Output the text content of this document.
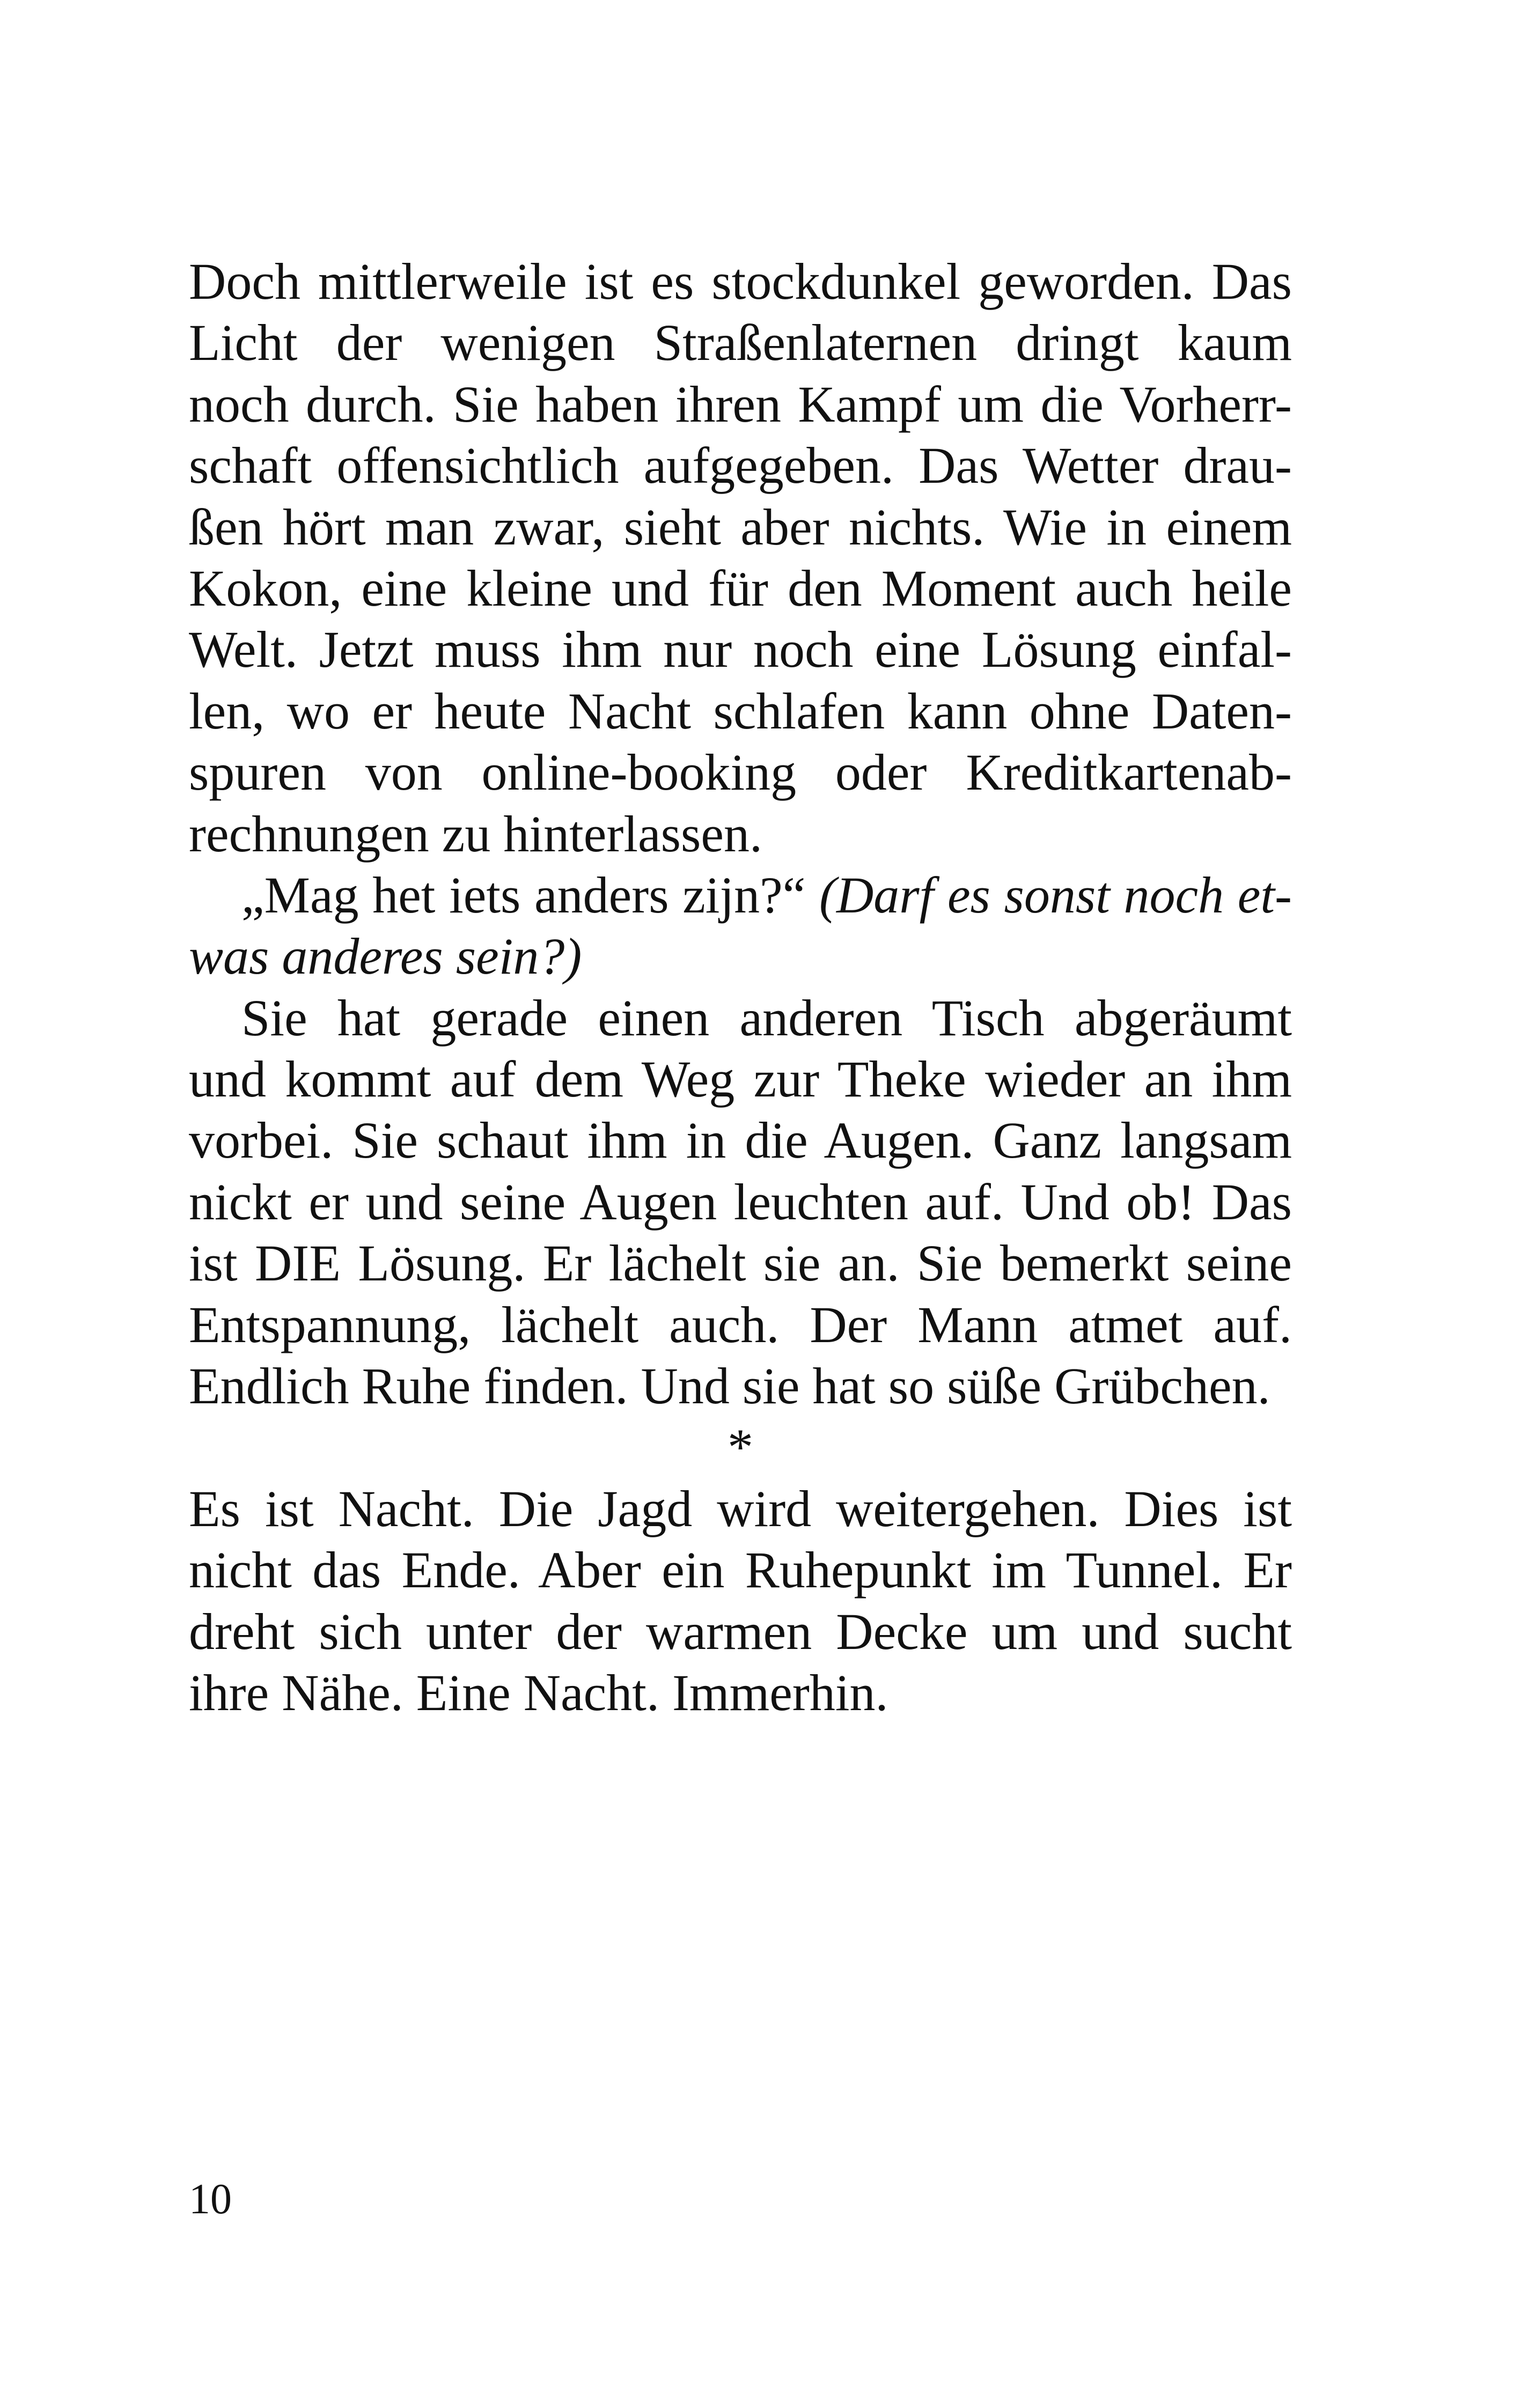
Doch mittlerweile ist es stockdunkel geworden. Das
Licht der wenigen Straßenlaternen dringt kaum
noch durch. Sie haben ihren Kampf um die Vorherr-
schaft offensichtlich aufgegeben. Das Wetter drau-
ßen hört man zwar, sieht aber nichts. Wie in einem
Kokon, eine kleine und für den Moment auch heile
Welt. Jetzt muss ihm nur noch eine Lösung einfal-
len, wo er heute Nacht schlafen kann ohne Daten-
spuren von online-booking oder Kreditkartenab-
rechnungen zu hinterlassen.
„Mag het iets anders zijn?“ (Darf es sonst noch et-
was anderes sein?)
Sie hat gerade einen anderen Tisch abgeräumt
und kommt auf dem Weg zur Theke wieder an ihm
vorbei. Sie schaut ihm in die Augen. Ganz langsam
nickt er und seine Augen leuchten auf. Und ob! Das
ist DIE Lösung. Er lächelt sie an. Sie bemerkt seine
Entspannung, lächelt auch. Der Mann atmet auf.
Endlich Ruhe finden. Und sie hat so süße Grübchen.
*
Es ist Nacht. Die Jagd wird weitergehen. Dies ist
nicht das Ende. Aber ein Ruhepunkt im Tunnel. Er
dreht sich unter der warmen Decke um und sucht
ihre Nähe. Eine Nacht. Immerhin.
10
